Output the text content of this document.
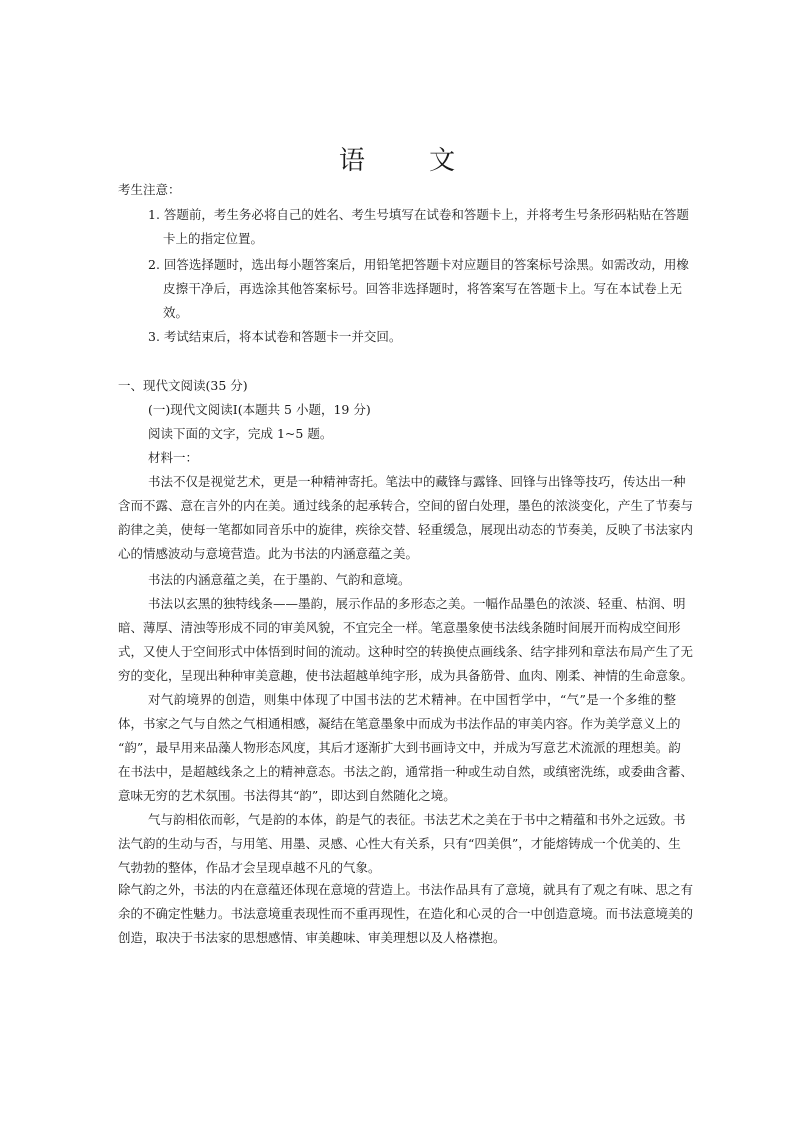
语 文
考生注意：
1. 答题前，考生务必将自己的姓名、考生号填写在试卷和答题卡上，并将考生号条形码粘贴在答题
卡上的指定位置。
2. 回答选择题时，选出每小题答案后，用铅笔把答题卡对应题目的答案标号涂黑。如需改动，用橡
皮擦干净后，再选涂其他答案标号。回答非选择题时，将答案写在答题卡上。写在本试卷上无
效。
3. 考试结束后，将本试卷和答题卡一并交回。
一、现代文阅读(35 分)
(一)现代文阅读Ⅰ(本题共 5 小题，19 分)
阅读下面的文字，完成 1~5 题。
材料一：
书法不仅是视觉艺术，更是一种精神寄托。笔法中的藏锋与露锋、回锋与出锋等技巧，传达出一种
含而不露、意在言外的内在美。通过线条的起承转合，空间的留白处理，墨色的浓淡变化，产生了节奏与
韵律之美，使每一笔都如同音乐中的旋律，疾徐交替、轻重缓急，展现出动态的节奏美，反映了书法家内
心的情感波动与意境营造。此为书法的内涵意蕴之美。
书法的内涵意蕴之美，在于墨韵、气韵和意境。
书法以玄黑的独特线条——墨韵，展示作品的多形态之美。一幅作品墨色的浓淡、轻重、枯润、明
暗、薄厚、清浊等形成不同的审美风貌，不宜完全一样。笔意墨象使书法线条随时间展开而构成空间形
式，又使人于空间形式中体悟到时间的流动。这种时空的转换使点画线条、结字排列和章法布局产生了无
穷的变化，呈现出种种审美意趣，使书法超越单纯字形，成为具备筋骨、血肉、刚柔、神情的生命意象。
对气韵境界的创造，则集中体现了中国书法的艺术精神。在中国哲学中，“气”是一个多维的整
体，书家之气与自然之气相通相感，凝结在笔意墨象中而成为书法作品的审美内容。作为美学意义上的
“韵”，最早用来品藻人物形态风度，其后才逐渐扩大到书画诗文中，并成为写意艺术流派的理想美。韵
在书法中，是超越线条之上的精神意态。书法之韵，通常指一种或生动自然，或缜密洗练，或委曲含蓄、
意味无穷的艺术氛围。书法得其“韵”，即达到自然随化之境。
气与韵相依而彰，气是韵的本体，韵是气的表征。书法艺术之美在于书中之精蕴和书外之远致。书
法气韵的生动与否，与用笔、用墨、灵感、心性大有关系，只有“四美俱”，才能熔铸成一个优美的、生
气勃勃的整体，作品才会呈现卓越不凡的气象。
除气韵之外，书法的内在意蕴还体现在意境的营造上。书法作品具有了意境，就具有了观之有味、思之有
余的不确定性魅力。书法意境重表现性而不重再现性，在造化和心灵的合一中创造意境。而书法意境美的
创造，取决于书法家的思想感情、审美趣味、审美理想以及人格襟抱。
